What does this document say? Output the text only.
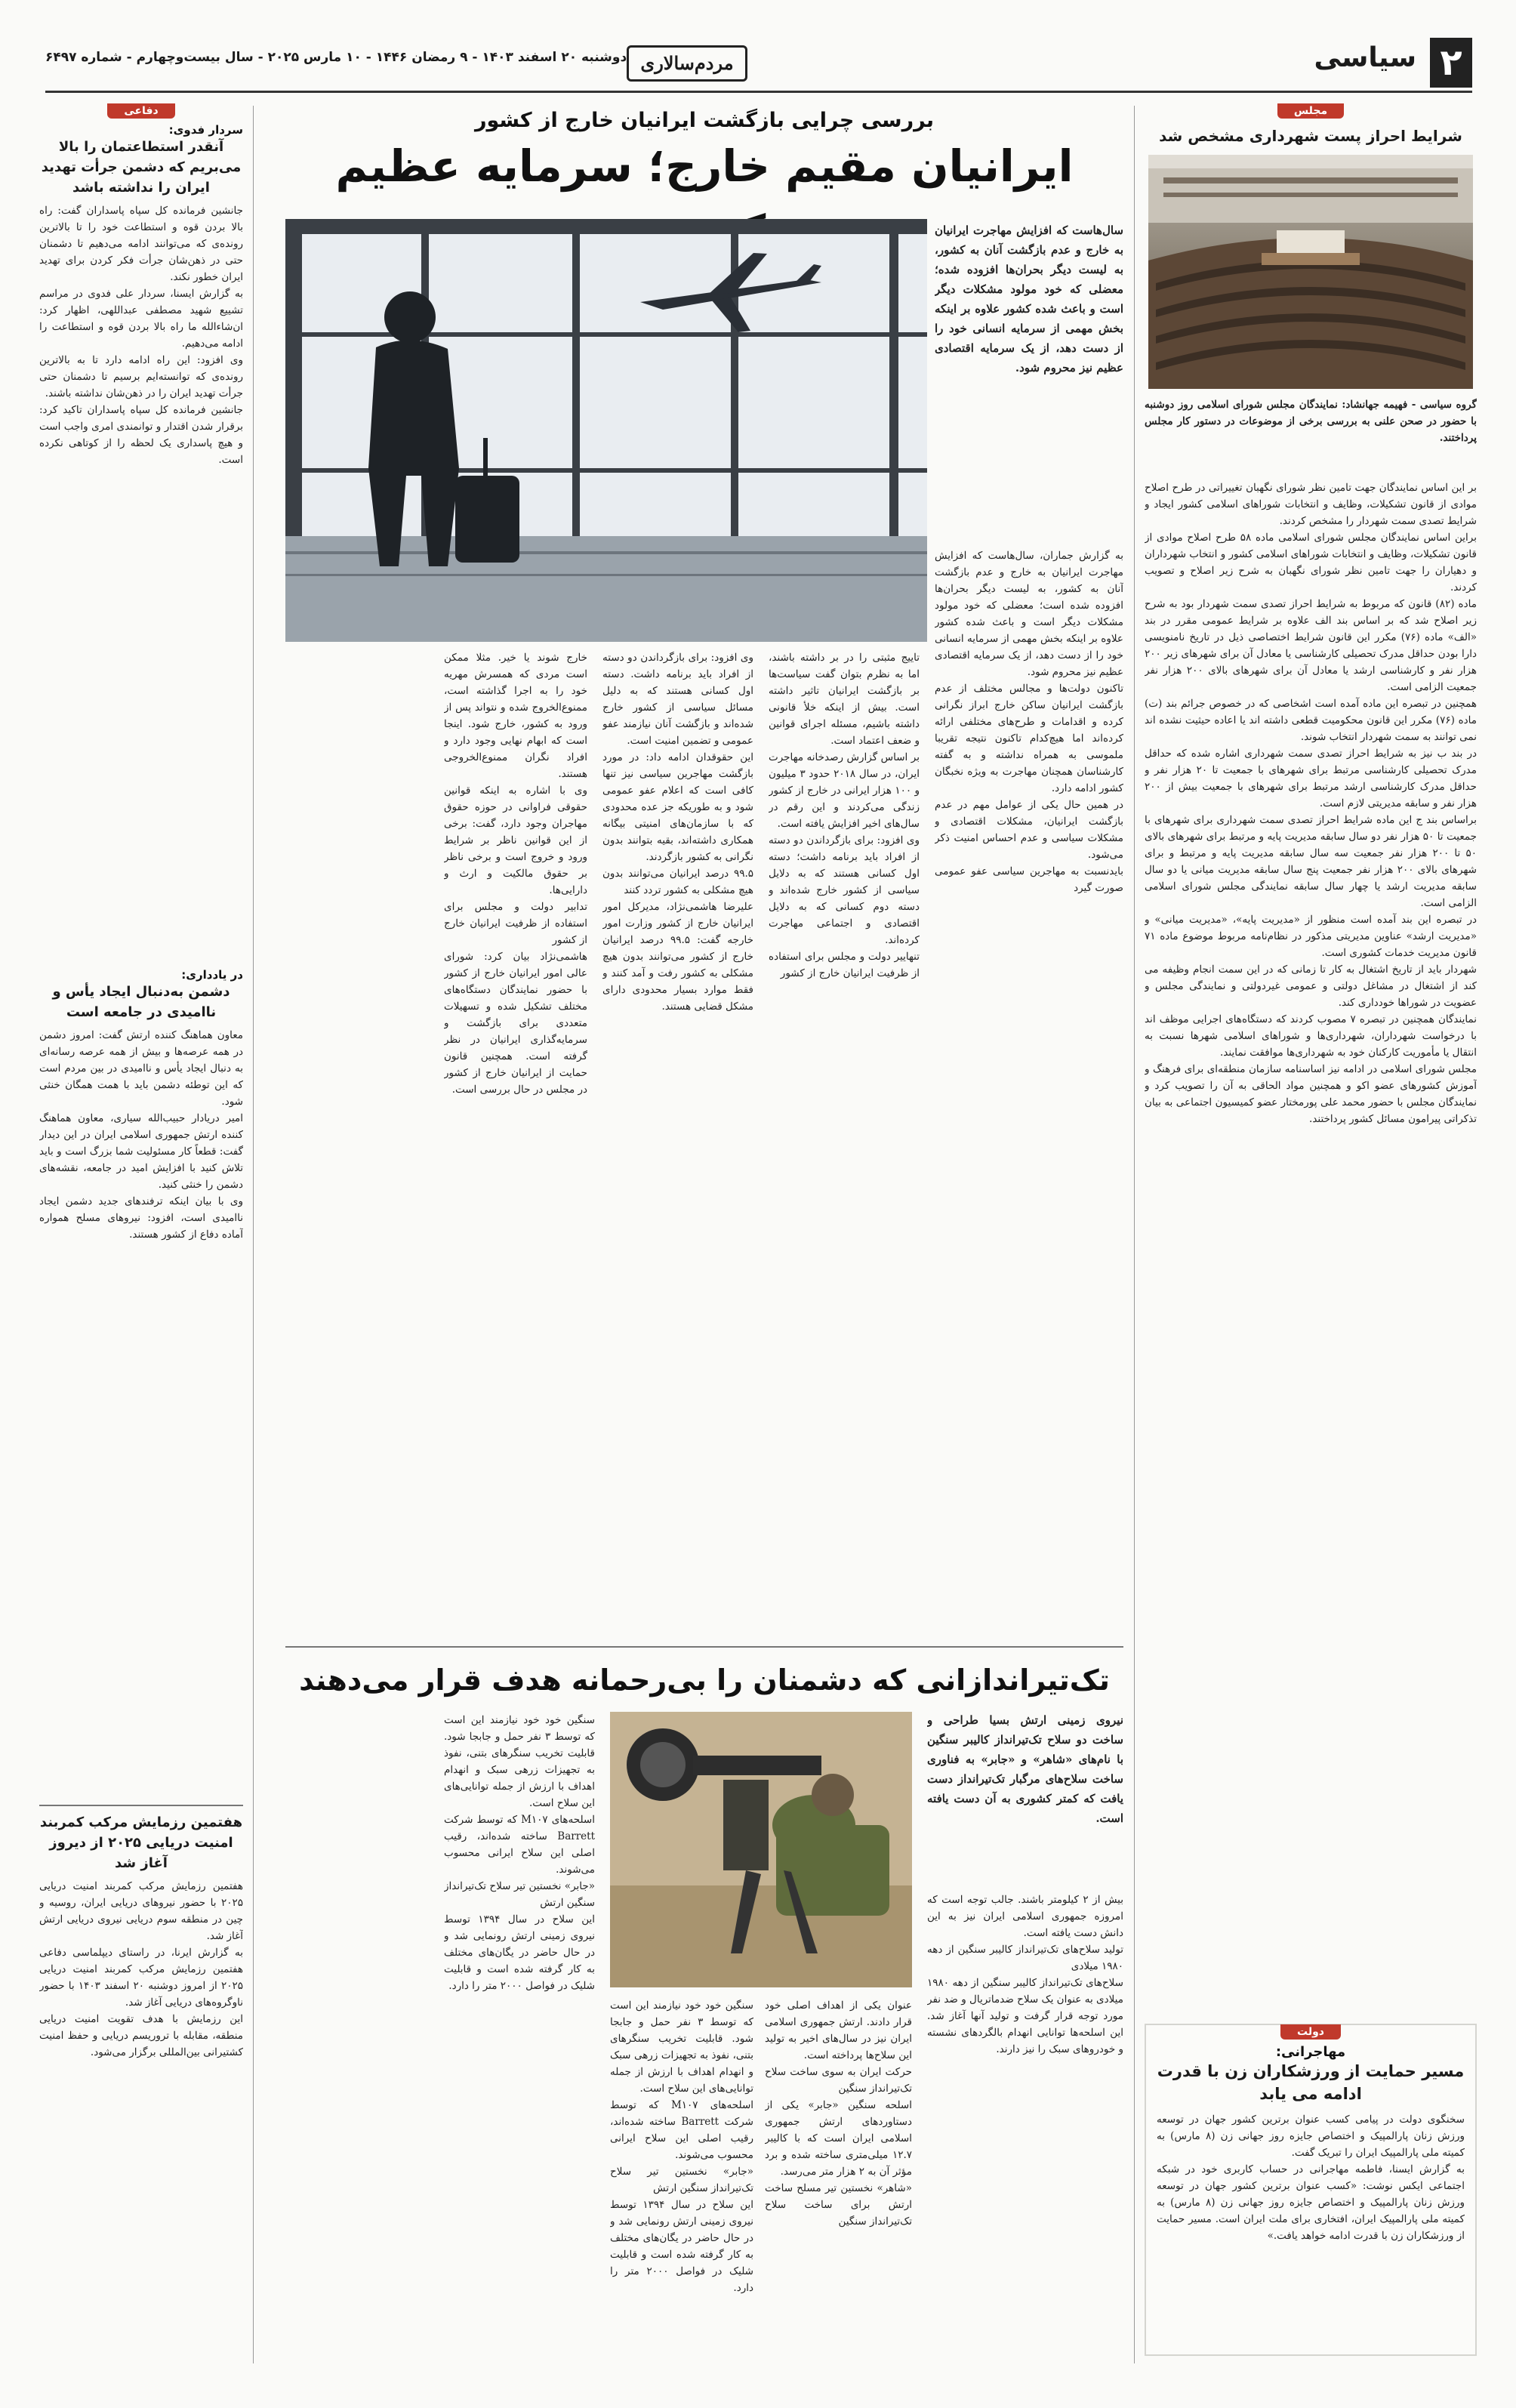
۲
سیاسی
مردم‌سالاری
دوشنبه ۲۰ اسفند ۱۴۰۳ - ۹ رمضان ۱۴۴۶ - ۱۰ مارس ۲۰۲۵ - سال بیست‌وچهارم - شماره ۶۴۹۷
مجلس
شرایط احراز پست شهرداری مشخص شد
گروه سیاسی - فهیمه جهانشاد: نمایندگان مجلس شورای اسلامی روز دوشنبه با حضور در صحن علنی به بررسی برخی از موضوعات در دستور کار مجلس پرداختند.
بر این اساس نمایندگان جهت تامین نظر شورای نگهبان تغییراتی در طرح اصلاح موادی از قانون تشکیلات، وظایف و انتخابات شوراهای اسلامی کشور ایجاد و شرایط تصدی سمت شهردار را مشخص کردند.
براین اساس نمایندگان مجلس شورای اسلامی ماده ۵۸ طرح اصلاح موادی از قانون تشکیلات، وظایف و انتخابات شوراهای اسلامی کشور و انتخاب شهرداران و دهیاران را جهت تامین نظر شورای نگهبان به شرح زیر اصلاح و تصویب کردند.
ماده (۸۲) قانون که مربوط به شرایط احراز تصدی سمت شهردار بود به شرح زیر اصلاح شد که بر اساس بند الف علاوه بر شرایط عمومی مقرر در بند «الف» ماده (۷۶) مکرر این قانون شرایط اختصاصی ذیل در تاریخ نامنویسی دارا بودن حداقل مدرک تحصیلی کارشناسی یا معادل آن برای شهرهای زیر ۲۰۰ هزار نفر و کارشناسی ارشد یا معادل آن برای شهرهای بالای ۲۰۰ هزار نفر جمعیت الزامی است.
همچنین در تبصره این ماده آمده است اشخاصی که در خصوص جرائم بند (ت) ماده (۷۶) مکرر این قانون محکومیت قطعی داشته اند یا اعاده حیثیت نشده اند نمی توانند به سمت شهردار انتخاب شوند.
در بند ب نیز به شرایط احراز تصدی سمت شهرداری اشاره شده که حداقل مدرک تحصیلی کارشناسی مرتبط برای شهرهای با جمعیت تا ۲۰ هزار نفر و حداقل مدرک کارشناسی ارشد مرتبط برای شهرهای با جمعیت بیش از ۲۰۰ هزار نفر و سابقه مدیریتی لازم است.
براساس بند ج این ماده شرایط احراز تصدی سمت شهرداری برای شهرهای با جمعیت تا ۵۰ هزار نفر دو سال سابقه مدیریت پایه و مرتبط برای شهرهای بالای ۵۰ تا ۲۰۰ هزار نفر جمعیت سه سال سابقه مدیریت پایه و مرتبط و برای شهرهای بالای ۲۰۰ هزار نفر جمعیت پنج سال سابقه مدیریت میانی یا دو سال سابقه مدیریت ارشد یا چهار سال سابقه نمایندگی مجلس شورای اسلامی الزامی است.
در تبصره این بند آمده است منظور از «مدیریت پایه»، «مدیریت میانی» و «مدیریت ارشد» عناوین مدیریتی مذکور در نظام‌نامه مربوط موضوع ماده ۷۱ قانون مدیریت خدمات کشوری است.
شهردار باید از تاریخ اشتغال به کار تا زمانی که در این سمت انجام وظیفه می کند از اشتغال در مشاغل دولتی و عمومی غیردولتی و نمایندگی مجلس و عضویت در شوراها خودداری کند.
نمایندگان همچنین در تبصره ۷ مصوب کردند که دستگاه‌های اجرایی موظف اند با درخواست شهرداران، شهرداری‌ها و شوراهای اسلامی شهرها نسبت به انتقال یا مأموریت کارکنان خود به شهرداری‌ها موافقت نمایند.
مجلس شورای اسلامی در ادامه نیز اساسنامه سازمان منطقه‌ای برای فرهنگ و آموزش کشورهای عضو اکو و همچنین مواد الحاقی به آن را تصویب کرد و نمایندگان مجلس با حضور محمد علی پورمختار عضو کمیسیون اجتماعی به بیان تذکراتی پیرامون مسائل کشور پرداختند.
دولت
مهاجرانی:
مسیر حمایت از ورزشکاران زن با قدرت ادامه می یابد
سخنگوی دولت در پیامی کسب عنوان برترین کشور جهان در توسعه ورزش زنان پارالمپیک و اختصاص جایزه روز جهانی زن (۸ مارس) به کمیته ملی پارالمپیک ایران را تبریک گفت.
به گزارش ایسنا، فاطمه مهاجرانی در حساب کاربری خود در شبکه اجتماعی ایکس نوشت: «کسب عنوان برترین کشور جهان در توسعه ورزش زنان پارالمپیک و اختصاص جایزه روز جهانی زن (۸ مارس) به کمیته ملی پارالمپیک ایران، افتخاری برای ملت ایران است. مسیر حمایت از ورزشکاران زن با قدرت ادامه خواهد یافت.»
بررسی چرایی بازگشت ایرانیان خارج از کشور
ایرانیان مقیم خارج؛ سرمایه عظیم
سال‌هاست که افزایش مهاجرت ایرانیان به خارج و عدم بازگشت آنان به کشور، به لیست دیگر بحران‌ها افزوده شده؛ معضلی که خود مولود مشکلات دیگر است و باعث شده کشور علاوه بر اینکه بخش مهمی از سرمایه انسانی خود را از دست دهد، از یک سرمایه اقتصادی عظیم نیز محروم شود.
به گزارش جماران، سال‌هاست که افزایش مهاجرت ایرانیان به خارج و عدم بازگشت آنان به کشور، به لیست دیگر بحران‌ها افزوده شده است؛ معضلی که خود مولود مشکلات دیگر است و باعث شده کشور علاوه بر اینکه بخش مهمی از سرمایه انسانی خود را از دست دهد، از یک سرمایه اقتصادی عظیم نیز محروم شود.
تاکنون دولت‌ها و مجالس مختلف از عدم بازگشت ایرانیان ساکن خارج ابراز نگرانی کرده و اقدامات و طرح‌های مختلفی ارائه کرده‌اند اما هیچ‌کدام تاکنون نتیجه تقریبا ملموسی به همراه نداشته و به گفته کارشناسان همچنان مهاجرت به ویژه نخبگان کشور ادامه دارد.
در همین حال یکی از عوامل مهم در عدم بازگشت ایرانیان، مشکلات اقتصادی و مشکلات سیاسی و عدم احساس امنیت ذکر می‌شود.
بایدنسبت به مهاجرین سیاسی عفو عمومی صورت گیرد
تاییج مثبتی را در بر داشته باشند، اما به نظرم بتوان گفت سیاست‌ها بر بازگشت ایرانیان تاثیر داشته است. بیش از اینکه خلأ قانونی داشته باشیم، مسئله اجرای قوانین و ضعف اعتماد است.
بر اساس گزارش رصدخانه مهاجرت ایران، در سال ۲۰۱۸ حدود ۳ میلیون و ۱۰۰ هزار ایرانی در خارج از کشور زندگی می‌کردند و این رقم در سال‌های اخیر افزایش یافته است.
وی افزود: برای بازگرداندن دو دسته از افراد باید برنامه داشت؛ دسته اول کسانی هستند که به دلایل سیاسی از کشور خارج شده‌اند و دسته دوم کسانی که به دلایل اقتصادی و اجتماعی مهاجرت کرده‌اند.
تنهاییر دولت و مجلس برای استفاده از ظرفیت ایرانیان خارج از کشور
وی افزود: برای بازگرداندن دو دسته از افراد باید برنامه داشت. دسته اول کسانی هستند که به دلیل مسائل سیاسی از کشور خارج شده‌اند و بازگشت آنان نیازمند عفو عمومی و تضمین امنیت است.
این حقوقدان ادامه داد: در مورد بازگشت مهاجرین سیاسی نیز تنها کافی است که اعلام عفو عمومی شود و به طوریکه جز عده محدودی که با سازمان‌های امنیتی بیگانه همکاری داشته‌اند، بقیه بتوانند بدون نگرانی به کشور بازگردند.
۹۹.۵ درصد ایرانیان می‌توانند بدون هیچ مشکلی به کشور تردد کنند
علیرضا هاشمی‌نژاد، مدیرکل امور ایرانیان خارج از کشور وزارت امور خارجه گفت: ۹۹.۵ درصد ایرانیان خارج از کشور می‌توانند بدون هیچ مشکلی به کشور رفت و آمد کنند و فقط موارد بسیار محدودی دارای مشکل قضایی هستند.
خارج شوند یا خیر. مثلا ممکن است مردی که همسرش مهریه خود را به اجرا گذاشته است، ممنوع‌الخروج شده و نتواند پس از ورود به کشور، خارج شود. اینجا است که ابهام نهایی وجود دارد و افراد نگران ممنوع‌الخروجی هستند.
وی با اشاره به اینکه قوانین حقوقی فراوانی در حوزه حقوق مهاجران وجود دارد، گفت: برخی از این قوانین ناظر بر شرایط ورود و خروج است و برخی ناظر بر حقوق مالکیت و ارث و دارایی‌ها.
تدابیر دولت و مجلس برای استفاده از ظرفیت ایرانیان خارج از کشور
هاشمی‌نژاد بیان کرد: شورای عالی امور ایرانیان خارج از کشور با حضور نمایندگان دستگاه‌های مختلف تشکیل شده و تسهیلات متعددی برای بازگشت و سرمایه‌گذاری ایرانیان در نظر گرفته است. همچنین قانون حمایت از ایرانیان خارج از کشور در مجلس در حال بررسی است.
تک‌تیراندازانی که دشمنان را بی‌رحمانه هدف قرار می‌دهند
نیروی زمینی ارتش بسیا طراحی و ساخت دو سلاح تک‌تیرانداز کالیبر سنگین با نام‌های «شاهر» و «جابر» به فناوری ساخت سلاح‌های مرگبار تک‌تیرانداز دست یافت که کمتر کشوری به آن دست یافته است.
بیش از ۲ کیلومتر باشند. جالب توجه است که امروزه جمهوری اسلامی ایران نیز به این دانش دست یافته است.
تولید سلاح‌های تک‌تیرانداز کالیبر سنگین از دهه ۱۹۸۰ میلادی
سلاح‌های تک‌تیرانداز کالیبر سنگین از دهه ۱۹۸۰ میلادی به عنوان یک سلاح ضدماتریال و ضد نفر مورد توجه قرار گرفت و تولید آنها آغاز شد. این اسلحه‌ها توانایی انهدام بالگردهای نشسته و خودروهای سبک را نیز دارند.
عنوان یکی از اهداف اصلی خود قرار دادند. ارتش جمهوری اسلامی ایران نیز در سال‌های اخیر به تولید این سلاح‌ها پرداخته است.
حرکت ایران به سوی ساخت سلاح تک‌تیرانداز سنگین
اسلحه سنگین «جابر» یکی از دستاوردهای ارتش جمهوری اسلامی ایران است که با کالیبر ۱۲.۷ میلی‌متری ساخته شده و برد مؤثر آن به ۲ هزار متر می‌رسد.
«شاهر» نخستین تیر مسلح ساخت ارتش برای ساخت سلاح تک‌تیرانداز سنگین
سنگین خود خود نیازمند این است که توسط ۳ نفر حمل و جابجا شود. قابلیت تخریب سنگرهای بتنی، نفوذ به تجهیزات زرهی سبک و انهدام اهداف با ارزش از جمله توانایی‌های این سلاح است.
اسلحه‌های M۱۰۷ که توسط شرکت Barrett ساخته شده‌اند، رقیب اصلی این سلاح ایرانی محسوب می‌شوند.
«جابر» نخستین تیر سلاح تک‌تیرانداز سنگین ارتش
این سلاح در سال ۱۳۹۴ توسط نیروی زمینی ارتش رونمایی شد و در حال حاضر در یگان‌های مختلف به کار گرفته شده است و قابلیت شلیک در فواصل ۲۰۰۰ متر را دارد.
سنگین خود خود نیازمند این است که توسط ۳ نفر حمل و جابجا شود. قابلیت تخریب سنگرهای بتنی، نفوذ به تجهیزات زرهی سبک و انهدام اهداف با ارزش از جمله توانایی‌های این سلاح است.
اسلحه‌های M۱۰۷ که توسط شرکت Barrett ساخته شده‌اند، رقیب اصلی این سلاح ایرانی محسوب می‌شوند.
«جابر» نخستین تیر سلاح تک‌تیرانداز سنگین ارتش
این سلاح در سال ۱۳۹۴ توسط نیروی زمینی ارتش رونمایی شد و در حال حاضر در یگان‌های مختلف به کار گرفته شده است و قابلیت شلیک در فواصل ۲۰۰۰ متر را دارد.
دفاعی
سردار فدوی:
آنقدر استطاعتمان را بالا می‌بریم که دشمن جرأت تهدید ایران را نداشته باشد
جانشین فرمانده کل سپاه پاسداران گفت: راه بالا بردن قوه و استطاعت خود را تا بالاترین رونده‌ی که می‌توانند ادامه می‌دهیم تا دشمنان حتی در ذهن‌شان جرأت فکر کردن برای تهدید ایران خطور نکند.
به گزارش ایسنا، سردار علی فدوی در مراسم تشییع شهید مصطفی عبداللهی، اظهار کرد: ان‌شاءالله ما راه بالا بردن قوه و استطاعت را ادامه می‌دهیم.
وی افزود: این راه ادامه دارد تا به بالاترین رونده‌ی که توانسته‌ایم برسیم تا دشمنان حتی جرأت تهدید ایران را در ذهن‌شان نداشته باشند.
جانشین فرمانده کل سپاه پاسداران تاکید کرد: برقرار شدن اقتدار و توانمندی امری واجب است و هیچ پاسداری یک لحظه را از کوتاهی نکرده است.
در یادداری:
دشمن به‌دنبال ایجاد یأس و ناامیدی در جامعه است
معاون هماهنگ کننده ارتش گفت: امروز دشمن در همه عرصه‌ها و بیش از همه عرصه رسانه‌ای به دنبال ایجاد یأس و ناامیدی در بین مردم است که این توطئه دشمن باید با همت همگان خنثی شود.
امیر دریادار حبیب‌الله سیاری، معاون هماهنگ کننده ارتش جمهوری اسلامی ایران در این دیدار گفت: قطعاً کار مسئولیت شما بزرگ است و باید تلاش کنید با افزایش امید در جامعه، نقشه‌های دشمن را خنثی کنید.
وی با بیان اینکه ترفندهای جدید دشمن ایجاد ناامیدی است، افزود: نیروهای مسلح همواره آماده دفاع از کشور هستند.
هفتمین رزمایش مرکب کمربند امنیت دریایی ۲۰۲۵ از دیروز آغاز شد
هفتمین رزمایش مرکب کمربند امنیت دریایی ۲۰۲۵ با حضور نیروهای دریایی ایران، روسیه و چین در منطقه سوم دریایی نیروی دریایی ارتش آغاز شد.
به گزارش ایرنا، در راستای دیپلماسی دفاعی هفتمین رزمایش مرکب کمربند امنیت دریایی ۲۰۲۵ از امروز دوشنبه ۲۰ اسفند ۱۴۰۳ با حضور ناوگروه‌های دریایی آغاز شد.
این رزمایش با هدف تقویت امنیت دریایی منطقه، مقابله با تروریسم دریایی و حفظ امنیت کشتیرانی بین‌المللی برگزار می‌شود.
